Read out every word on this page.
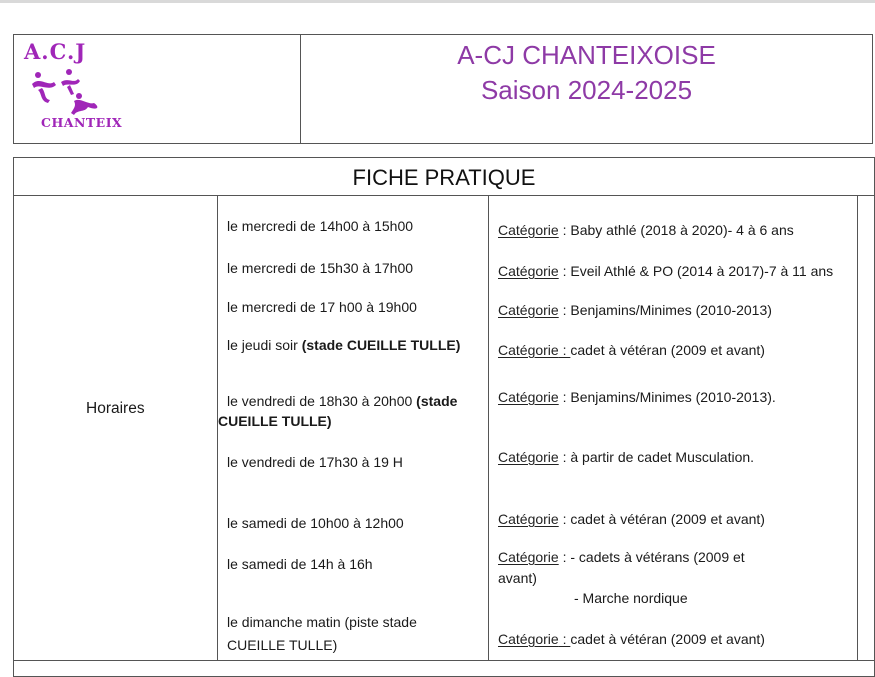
A.C.J
CHANTEIX
A-CJ CHANTEIXOISE
Saison 2024-2025
FICHE PRATIQUE
Horaires
le mercredi de 14h00 à 15h00
le mercredi de 15h30 à 17h00
le mercredi de 17 h00 à 19h00
le jeudi soir (stade CUEILLE TULLE)
le vendredi de 18h30 à 20h00 (stade
CUEILLE TULLE)
le vendredi de 17h30 à 19 H
le samedi de 10h00 à 12h00
le samedi de 14h à 16h
le dimanche matin (piste stade
CUEILLE TULLE)
Catégorie : Baby athlé (2018 à 2020)- 4 à 6 ans
Catégorie : Eveil Athlé & PO (2014 à 2017)-7 à 11 ans
Catégorie : Benjamins/Minimes (2010-2013)
Catégorie : cadet à vétéran (2009 et avant)
Catégorie : Benjamins/Minimes (2010-2013).
Catégorie : à partir de cadet Musculation.
Catégorie : cadet à vétéran (2009 et avant)
Catégorie : - cadets à vétérans (2009 et
avant)
- Marche nordique
Catégorie : cadet à vétéran (2009 et avant)
